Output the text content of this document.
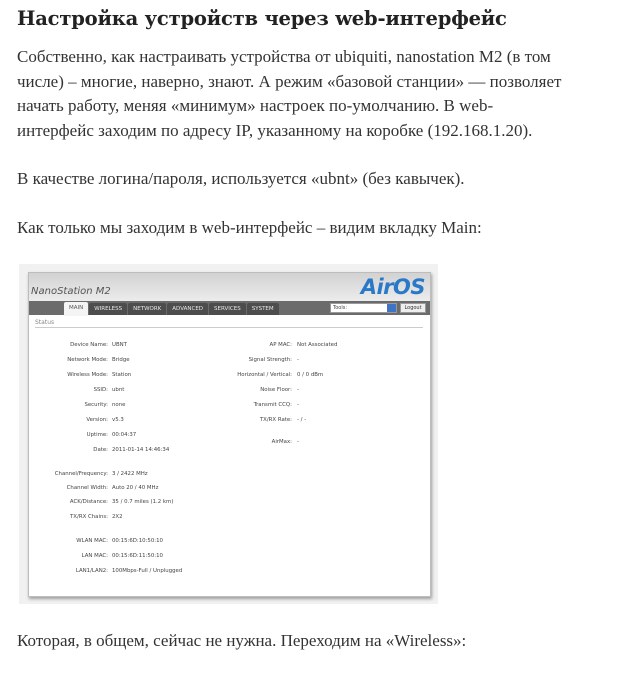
Настройка устройств через web-интерфейс

Собственно, как настраивать устройства от ubiquiti, nanostation M2 (в том
числе) – многие, наверно, знают. А режим «базовой станции» — позволяет
начать работу, меняя «минимум» настроек по-умолчанию. В web-
интерфейс заходим по адресу IP, указанному на коробке (192.168.1.20).

В качестве логина/пароля, используется «ubnt» (без кавычек).

Как только мы заходим в web-интерфейс – видим вкладку Main:

NanoStation M2	AirOS
MAIN	WIRELESS	NETWORK	ADVANCED	SERVICES	SYSTEM	Tools:	Logout
Status
Device Name: UBNT
Network Mode: Bridge
Wireless Mode: Station
SSID: ubnt
Security: none
Version: v5.3
Uptime: 00:04:37
Date: 2011-01-14 14:46:34
Channel/Frequency: 3 / 2422 MHz
Channel Width: Auto 20 / 40 MHz
ACK/Distance: 35 / 0.7 miles (1.2 km)
TX/RX Chains: 2X2
WLAN MAC: 00:15:6D:10:50:10
LAN MAC: 00:15:6D:11:50:10
LAN1/LAN2: 100Mbps-Full / Unplugged
AP MAC: Not Associated
Signal Strength: -
Horizontal / Vertical: 0 / 0 dBm
Noise Floor: -
Transmit CCQ: -
TX/RX Rate: - / -
AirMax: -

Которая, в общем, сейчас не нужна. Переходим на «Wireless»:
